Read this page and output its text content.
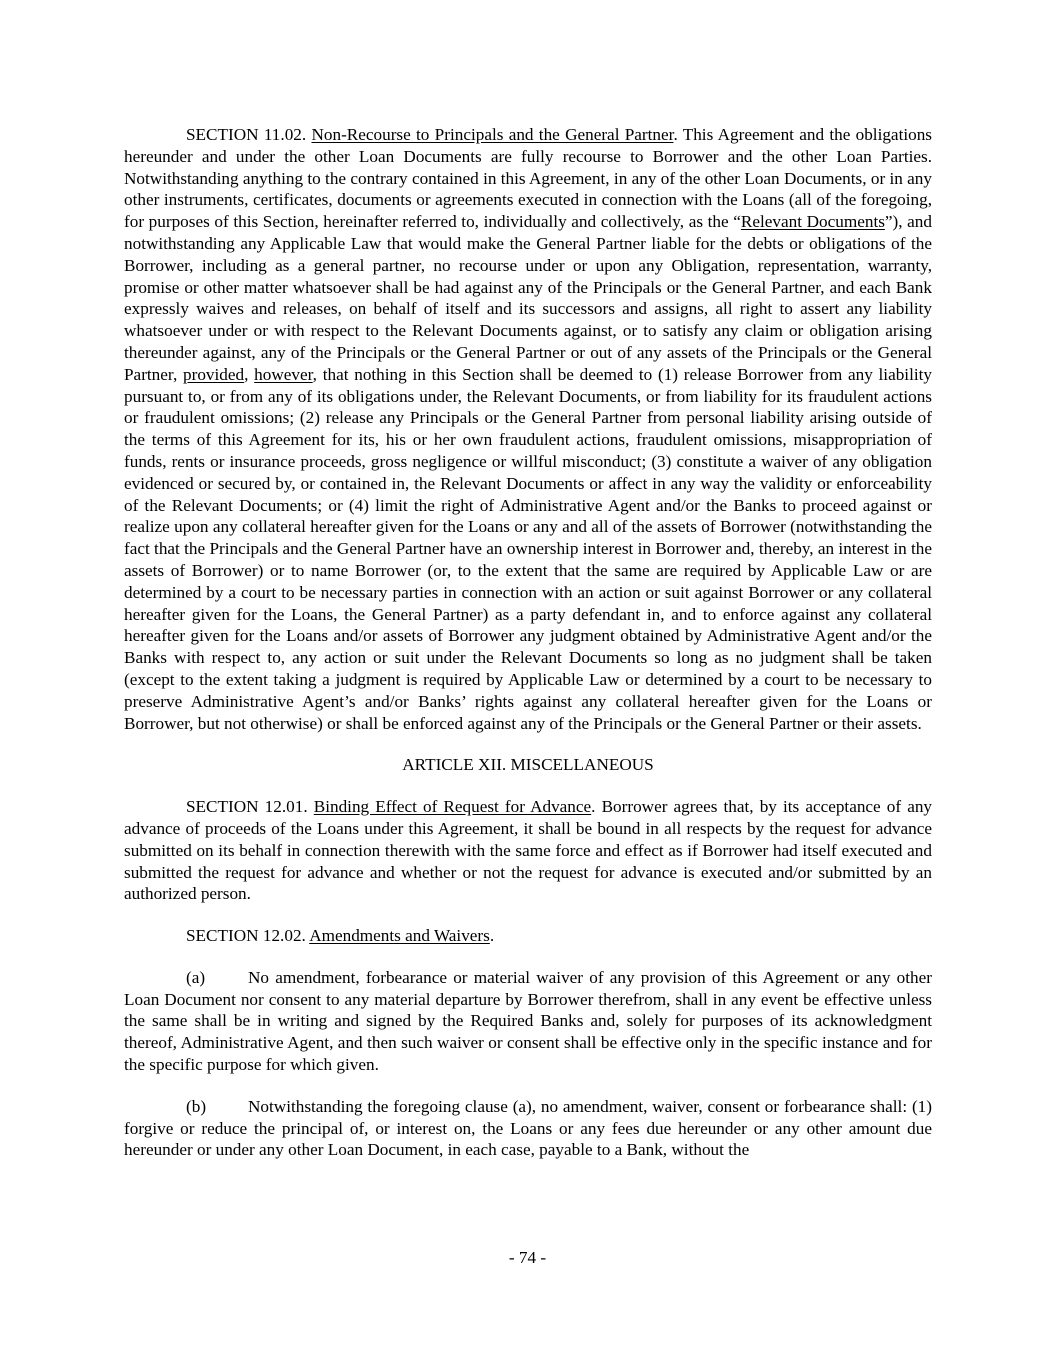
SECTION 11.02. Non-Recourse to Principals and the General Partner. This Agreement and the obligations hereunder and under the other Loan Documents are fully recourse to Borrower and the other Loan Parties. Notwithstanding anything to the contrary contained in this Agreement, in any of the other Loan Documents, or in any other instruments, certificates, documents or agreements executed in connection with the Loans (all of the foregoing, for purposes of this Section, hereinafter referred to, individually and collectively, as the “Relevant Documents”), and notwithstanding any Applicable Law that would make the General Partner liable for the debts or obligations of the Borrower, including as a general partner, no recourse under or upon any Obligation, representation, warranty, promise or other matter whatsoever shall be had against any of the Principals or the General Partner, and each Bank expressly waives and releases, on behalf of itself and its successors and assigns, all right to assert any liability whatsoever under or with respect to the Relevant Documents against, or to satisfy any claim or obligation arising thereunder against, any of the Principals or the General Partner or out of any assets of the Principals or the General Partner, provided, however, that nothing in this Section shall be deemed to (1) release Borrower from any liability pursuant to, or from any of its obligations under, the Relevant Documents, or from liability for its fraudulent actions or fraudulent omissions; (2) release any Principals or the General Partner from personal liability arising outside of the terms of this Agreement for its, his or her own fraudulent actions, fraudulent omissions, misappropriation of funds, rents or insurance proceeds, gross negligence or willful misconduct; (3) constitute a waiver of any obligation evidenced or secured by, or contained in, the Relevant Documents or affect in any way the validity or enforceability of the Relevant Documents; or (4) limit the right of Administrative Agent and/or the Banks to proceed against or realize upon any collateral hereafter given for the Loans or any and all of the assets of Borrower (notwithstanding the fact that the Principals and the General Partner have an ownership interest in Borrower and, thereby, an interest in the assets of Borrower) or to name Borrower (or, to the extent that the same are required by Applicable Law or are determined by a court to be necessary parties in connection with an action or suit against Borrower or any collateral hereafter given for the Loans, the General Partner) as a party defendant in, and to enforce against any collateral hereafter given for the Loans and/or assets of Borrower any judgment obtained by Administrative Agent and/or the Banks with respect to, any action or suit under the Relevant Documents so long as no judgment shall be taken (except to the extent taking a judgment is required by Applicable Law or determined by a court to be necessary to preserve Administrative Agent’s and/or Banks’ rights against any collateral hereafter given for the Loans or Borrower, but not otherwise) or shall be enforced against any of the Principals or the General Partner or their assets.

ARTICLE XII. MISCELLANEOUS

SECTION 12.01. Binding Effect of Request for Advance. Borrower agrees that, by its acceptance of any advance of proceeds of the Loans under this Agreement, it shall be bound in all respects by the request for advance submitted on its behalf in connection therewith with the same force and effect as if Borrower had itself executed and submitted the request for advance and whether or not the request for advance is executed and/or submitted by an authorized person.

SECTION 12.02. Amendments and Waivers.

(a) No amendment, forbearance or material waiver of any provision of this Agreement or any other Loan Document nor consent to any material departure by Borrower therefrom, shall in any event be effective unless the same shall be in writing and signed by the Required Banks and, solely for purposes of its acknowledgment thereof, Administrative Agent, and then such waiver or consent shall be effective only in the specific instance and for the specific purpose for which given.

(b) Notwithstanding the foregoing clause (a), no amendment, waiver, consent or forbearance shall: (1) forgive or reduce the principal of, or interest on, the Loans or any fees due hereunder or any other amount due hereunder or under any other Loan Document, in each case, payable to a Bank, without the

- 74 -
